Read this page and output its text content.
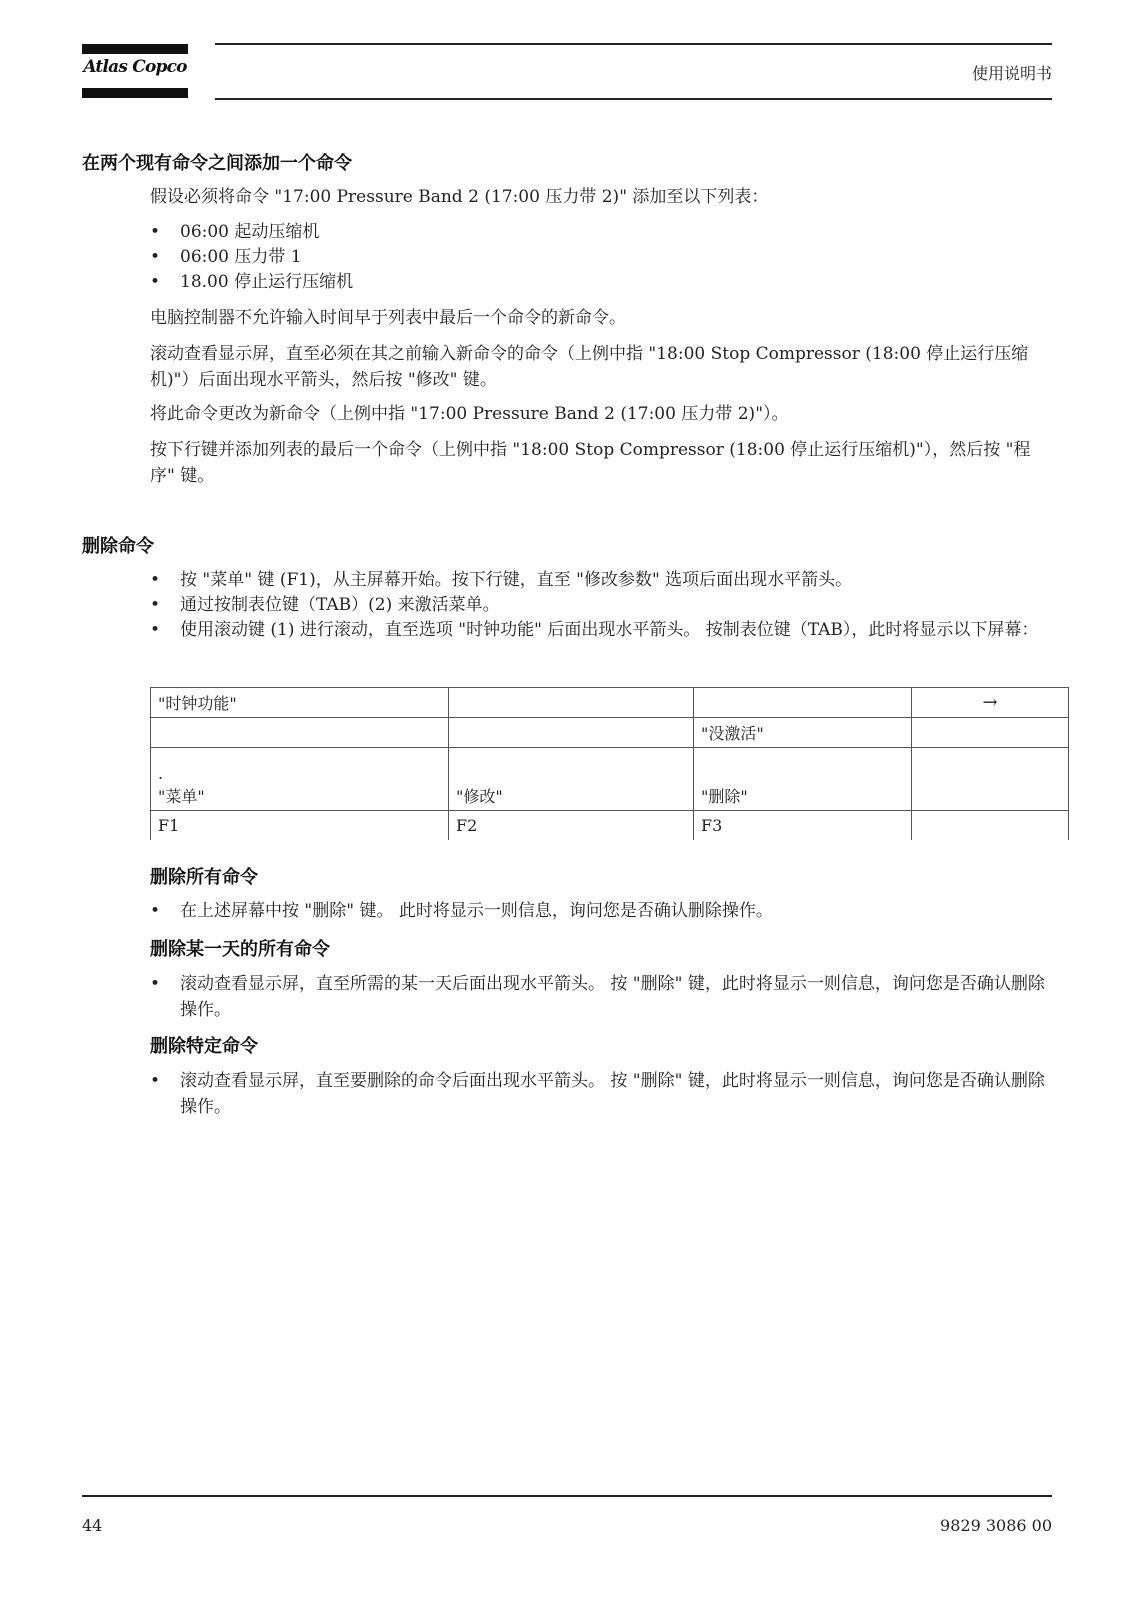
Atlas Copco	使用说明书
在两个现有命令之间添加一个命令
假设必须将命令 "17:00 Pressure Band 2 (17:00 压力带 2)" 添加至以下列表：
•	06:00 起动压缩机
•	06:00 压力带 1
•	18.00 停止运行压缩机
电脑控制器不允许输入时间早于列表中最后一个命令的新命令。
滚动查看显示屏，直至必须在其之前输入新命令的命令（上例中指 "18:00 Stop Compressor (18:00 停止运行压缩机)"）后面出现水平箭头，然后按 "修改" 键。
将此命令更改为新命令（上例中指 "17:00 Pressure Band 2 (17:00 压力带 2)"）。
按下行键并添加列表的最后一个命令（上例中指 "18:00 Stop Compressor (18:00 停止运行压缩机)"），然后按 "程序" 键。
删除命令
•	按 "菜单" 键 (F1)，从主屏幕开始。按下行键，直至 "修改参数" 选项后面出现水平箭头。
•	通过按制表位键（TAB）(2) 来激活菜单。
•	使用滚动键 (1) 进行滚动，直至选项 "时钟功能" 后面出现水平箭头。 按制表位键（TAB），此时将显示以下屏幕：
"时钟功能"			→

		"没激活"	

.
"菜单"	"修改"	"删除"	
F1	F2	F3	
删除所有命令
•	在上述屏幕中按 "删除" 键。 此时将显示一则信息，询问您是否确认删除操作。
删除某一天的所有命令
•	滚动查看显示屏，直至所需的某一天后面出现水平箭头。 按 "删除" 键，此时将显示一则信息，询问您是否确认删除操作。
删除特定命令
•	滚动查看显示屏，直至要删除的命令后面出现水平箭头。 按 "删除" 键，此时将显示一则信息，询问您是否确认删除操作。
44	9829 3086 00
